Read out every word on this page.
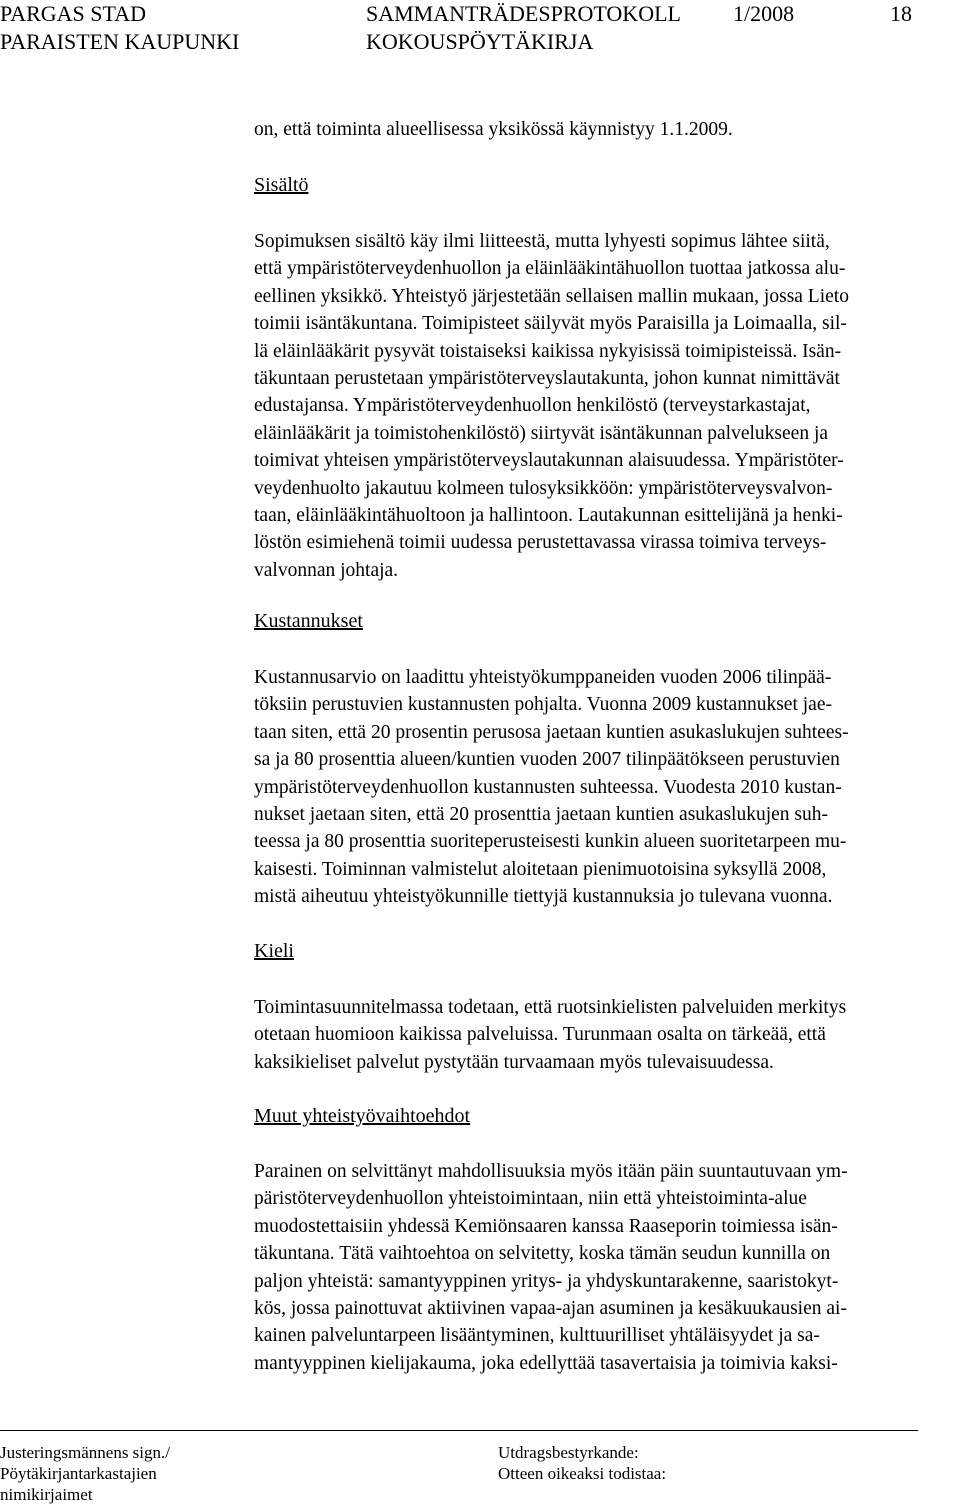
PARGAS STAD
PARAISTEN KAUPUNKI
SAMMANTRÄDESPROTOKOLL
KOKOUSPÖYTÄKIRJA
1/2008	18
on, että toiminta alueellisessa yksikössä käynnistyy 1.1.2009.
Sisältö
Sopimuksen sisältö käy ilmi liitteestä, mutta lyhyesti sopimus lähtee siitä,
että ympäristöterveydenhuollon ja eläinlääkintähuollon tuottaa jatkossa alu-
eellinen yksikkö. Yhteistyö järjestetään sellaisen mallin mukaan, jossa Lieto
toimii isäntäkuntana. Toimipisteet säilyvät myös Paraisilla ja Loimaalla, sil-
lä eläinlääkärit pysyvät toistaiseksi kaikissa nykyisissä toimipisteissä. Isän-
täkuntaan perustetaan ympäristöterveyslautakunta, johon kunnat nimittävät
edustajansa. Ympäristöterveydenhuollon henkilöstö (terveystarkastajat,
eläinlääkärit ja toimistohenkilöstö) siirtyvät isäntäkunnan palvelukseen ja
toimivat yhteisen ympäristöterveyslautakunnan alaisuudessa. Ympäristöter-
veydenhuolto jakautuu kolmeen tulosyksikköön: ympäristöterveysvalvon-
taan, eläinlääkintähuoltoon ja hallintoon. Lautakunnan esittelijänä ja henki-
löstön esimiehenä toimii uudessa perustettavassa virassa toimiva terveys-
valvonnan johtaja.
Kustannukset
Kustannusarvio on laadittu yhteistyökumppaneiden vuoden 2006 tilinpää-
töksiin perustuvien kustannusten pohjalta. Vuonna 2009 kustannukset jae-
taan siten, että 20 prosentin perusosa jaetaan kuntien asukaslukujen suhtees-
sa ja 80 prosenttia alueen/kuntien vuoden 2007 tilinpäätökseen perustuvien
ympäristöterveydenhuollon kustannusten suhteessa. Vuodesta 2010 kustan-
nukset jaetaan siten, että 20 prosenttia jaetaan kuntien asukaslukujen suh-
teessa ja 80 prosenttia suoriteperusteisesti kunkin alueen suoritetarpeen mu-
kaisesti. Toiminnan valmistelut aloitetaan pienimuotoisina syksyllä 2008,
mistä aiheutuu yhteistyökunnille tiettyjä kustannuksia jo tulevana vuonna.
Kieli
Toimintasuunnitelmassa todetaan, että ruotsinkielisten palveluiden merkitys
otetaan huomioon kaikissa palveluissa. Turunmaan osalta on tärkeää, että
kaksikieliset palvelut pystytään turvaamaan myös tulevaisuudessa.
Muut yhteistyövaihtoehdot
Parainen on selvittänyt mahdollisuuksia myös itään päin suuntautuvaan ym-
päristöterveydenhuollon yhteistoimintaan, niin että yhteistoiminta-alue
muodostettaisiin yhdessä Kemiönsaaren kanssa Raaseporin toimiessa isän-
täkuntana. Tätä vaihtoehtoa on selvitetty, koska tämän seudun kunnilla on
paljon yhteistä: samantyyppinen yritys- ja yhdyskuntarakenne, saaristokyt-
kös, jossa painottuvat aktiivinen vapaa-ajan asuminen ja kesäkuukausien ai-
kainen palveluntarpeen lisääntyminen, kulttuurilliset yhtäläisyydet ja sa-
mantyyppinen kielijakauma, joka edellyttää tasavertaisia ja toimivia kaksi-
Justeringsmännens sign./
Pöytäkirjantarkastajien
nimikirjaimet
Utdragsbestyrkande:
Otteen oikeaksi todistaa:
